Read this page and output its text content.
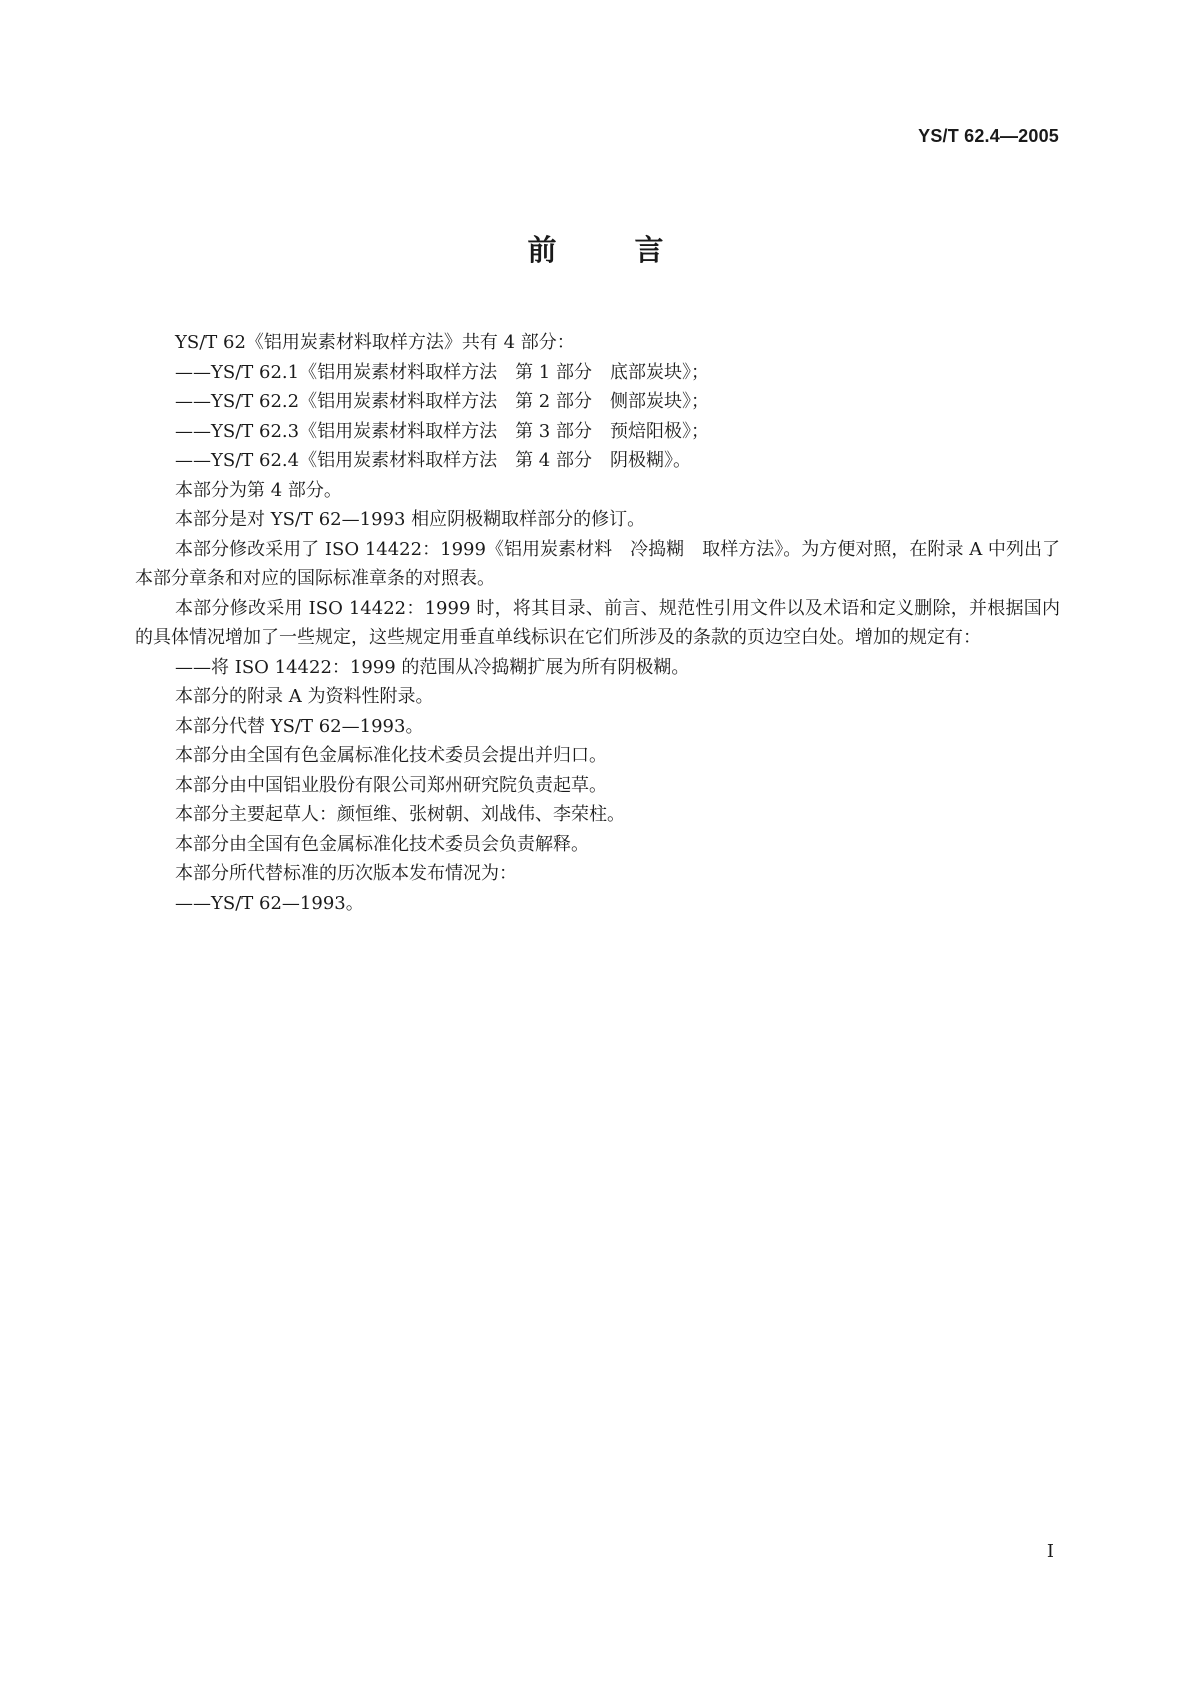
YS/T 62.4—2005
前 言

YS/T 62《铝用炭素材料取样方法》共有 4 部分：

——YS/T 62.1《铝用炭素材料取样方法　第 1 部分　底部炭块》；

——YS/T 62.2《铝用炭素材料取样方法　第 2 部分　侧部炭块》；

——YS/T 62.3《铝用炭素材料取样方法　第 3 部分　预焙阳极》；

——YS/T 62.4《铝用炭素材料取样方法　第 4 部分　阴极糊》。

本部分为第 4 部分。

本部分是对 YS/T 62—1993 相应阴极糊取样部分的修订。

本部分修改采用了 ISO 14422：1999《铝用炭素材料　冷捣糊　取样方法》。为方便对照，在附录 A 中列出了本部分章条和对应的国际标准章条的对照表。

本部分修改采用 ISO 14422：1999 时，将其目录、前言、规范性引用文件以及术语和定义删除，并根据国内的具体情况增加了一些规定，这些规定用垂直单线标识在它们所涉及的条款的页边空白处。增加的规定有：

——将 ISO 14422：1999 的范围从冷捣糊扩展为所有阴极糊。

本部分的附录 A 为资料性附录。

本部分代替 YS/T 62—1993。

本部分由全国有色金属标准化技术委员会提出并归口。

本部分由中国铝业股份有限公司郑州研究院负责起草。

本部分主要起草人：颜恒维、张树朝、刘战伟、李荣柱。

本部分由全国有色金属标准化技术委员会负责解释。

本部分所代替标准的历次版本发布情况为：

——YS/T 62—1993。

I
